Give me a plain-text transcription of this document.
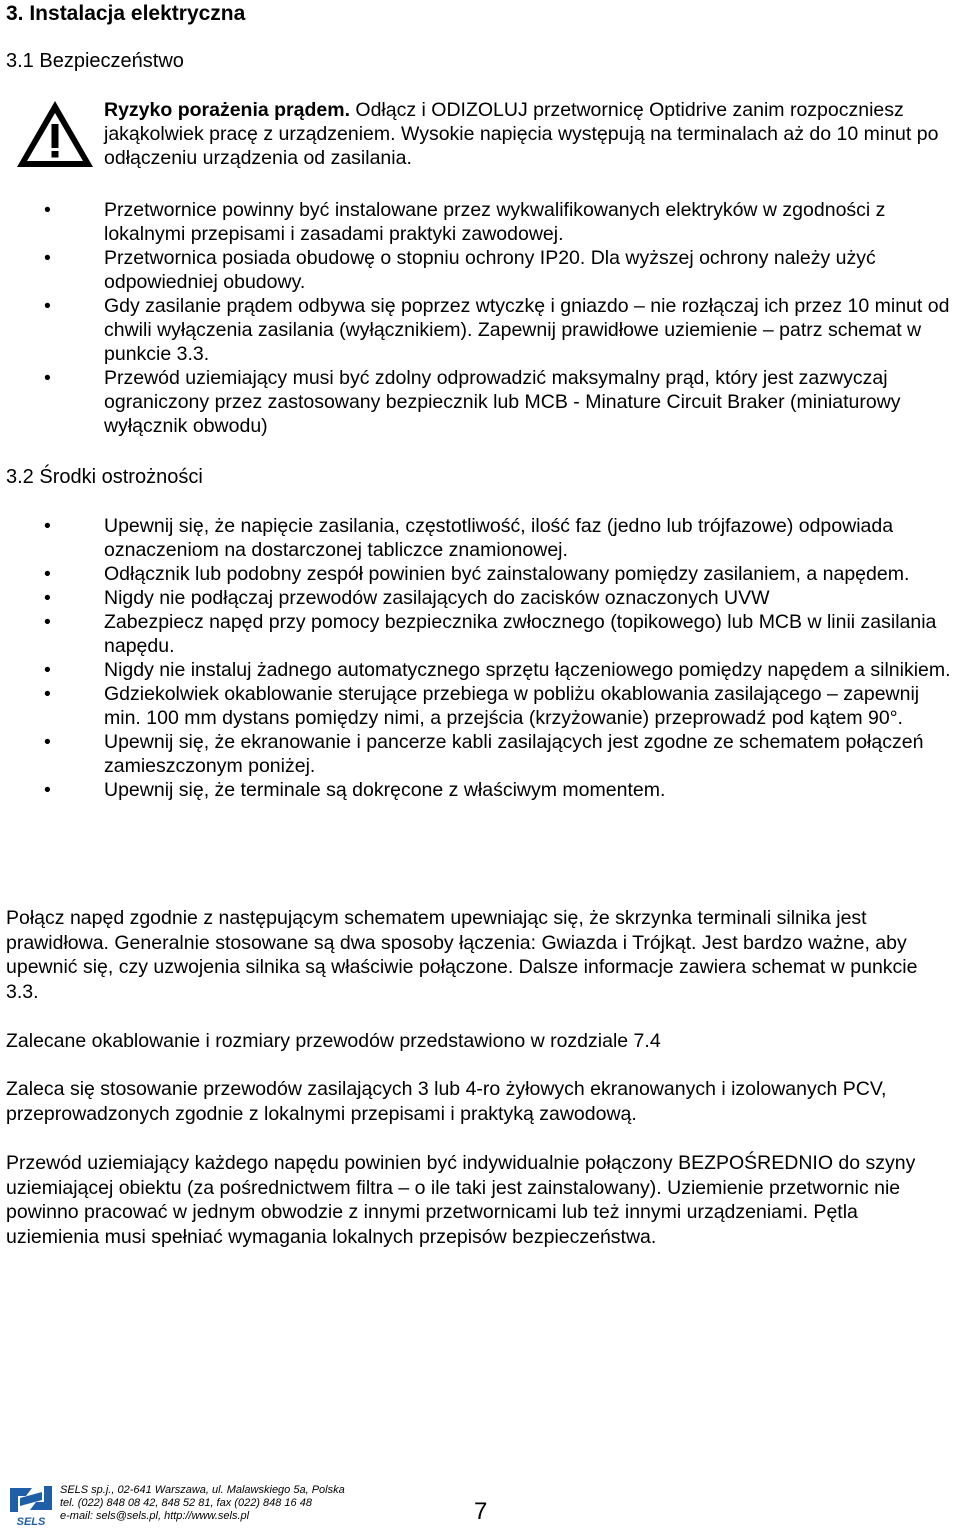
3. Instalacja elektryczna
3.1 Bezpieczeństwo
Ryzyko porażenia prądem. Odłącz i ODIZOLUJ przetwornicę Optidrive zanim rozpoczniesz jakąkolwiek pracę z urządzeniem. Wysokie napięcia występują na terminalach aż do 10 minut po odłączeniu urządzenia od zasilania.
•	Przetwornice powinny być instalowane przez wykwalifikowanych elektryków w zgodności z lokalnymi przepisami i zasadami praktyki zawodowej.
•	Przetwornica posiada obudowę o stopniu ochrony IP20. Dla wyższej ochrony należy użyć odpowiedniej obudowy.
•	Gdy zasilanie prądem odbywa się poprzez wtyczkę i gniazdo – nie rozłączaj ich przez 10 minut od chwili wyłączenia zasilania (wyłącznikiem). Zapewnij prawidłowe uziemienie – patrz schemat w punkcie 3.3.
•	Przewód uziemiający musi być zdolny odprowadzić maksymalny prąd, który jest zazwyczaj ograniczony przez zastosowany bezpiecznik lub MCB - Minature Circuit Braker (miniaturowy wyłącznik obwodu)
3.2 Środki ostrożności
•	Upewnij się, że napięcie zasilania, częstotliwość, ilość faz (jedno lub trójfazowe) odpowiada oznaczeniom na dostarczonej tabliczce znamionowej.
•	Odłącznik lub podobny zespół powinien być zainstalowany pomiędzy zasilaniem, a napędem.
•	Nigdy nie podłączaj przewodów zasilających do zacisków oznaczonych UVW
•	Zabezpiecz napęd przy pomocy bezpiecznika zwłocznego (topikowego) lub MCB w linii zasilania napędu.
•	Nigdy nie instaluj żadnego automatycznego sprzętu łączeniowego pomiędzy napędem a silnikiem.
•	Gdziekolwiek okablowanie sterujące przebiega w pobliżu okablowania zasilającego – zapewnij min. 100 mm dystans pomiędzy nimi, a przejścia (krzyżowanie) przeprowadź pod kątem 90°.
•	Upewnij się, że ekranowanie i pancerze kabli zasilających jest zgodne ze schematem połączeń zamieszczonym poniżej.
•	Upewnij się, że terminale są dokręcone z właściwym momentem.

Połącz napęd zgodnie z następującym schematem upewniając się, że skrzynka terminali silnika jest prawidłowa. Generalnie stosowane są dwa sposoby łączenia: Gwiazda i Trójkąt. Jest bardzo ważne, aby upewnić się, czy uzwojenia silnika są właściwie połączone. Dalsze informacje zawiera schemat w punkcie 3.3.

Zalecane okablowanie i rozmiary przewodów przedstawiono w rozdziale 7.4

Zaleca się stosowanie przewodów zasilających 3 lub 4-ro żyłowych ekranowanych i izolowanych PCV, przeprowadzonych zgodnie z lokalnymi przepisami i praktyką zawodową.

Przewód uziemiający każdego napędu powinien być indywidualnie połączony BEZPOŚREDNIO do szyny uziemiającej obiektu (za pośrednictwem filtra – o ile taki jest zainstalowany). Uziemienie przetwornic nie powinno pracować w jednym obwodzie z innymi przetwornicami lub też innymi urządzeniami. Pętla uziemienia musi spełniać wymagania lokalnych przepisów bezpieczeństwa.

SELS
SELS sp.j., 02-641 Warszawa, ul. Malawskiego 5a, Polska
tel. (022) 848 08 42, 848 52 81, fax (022) 848 16 48
e-mail: sels@sels.pl, http://www.sels.pl	7
